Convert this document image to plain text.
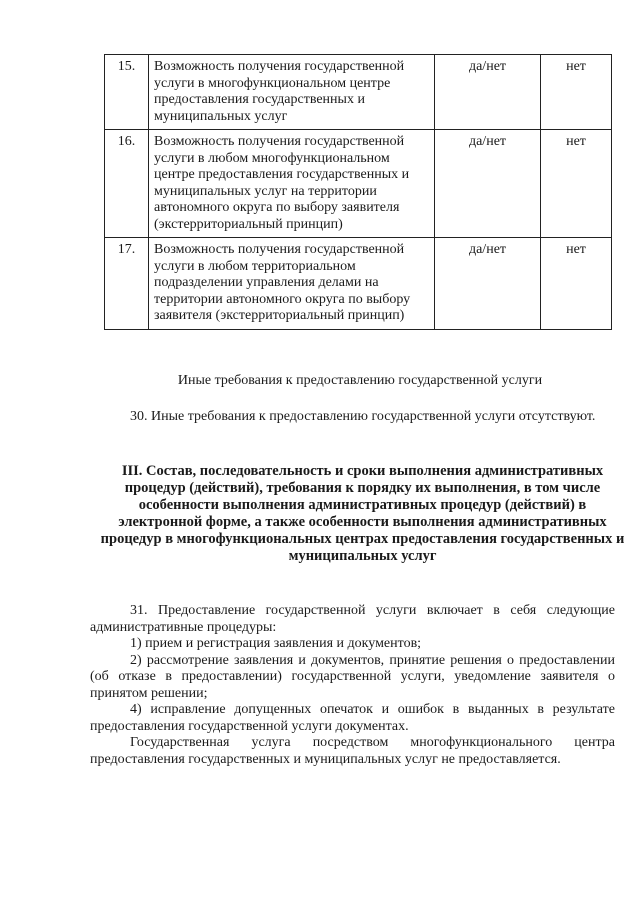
15.	Возможность получения государственной услуги в многофункциональном центре предоставления государственных и муниципальных услуг	да/нет	нет
16.	Возможность получения государственной услуги в любом многофункциональном центре предоставления государственных и муниципальных услуг на территории автономного округа по выбору заявителя (экстерриториальный принцип)	да/нет	нет
17.	Возможность получения государственной услуги в любом территориальном подразделении управления делами на территории автономного округа по выбору заявителя (экстерриториальный принцип)	да/нет	нет
Иные требования к предоставлению государственной услуги
30. Иные требования к предоставлению государственной услуги отсутствуют.
III. Состав, последовательность и сроки выполнения административных процедур (действий), требования к порядку их выполнения, в том числе особенности выполнения административных процедур (действий) в электронной форме, а также особенности выполнения административных процедур в многофункциональных центрах предоставления государственных и муниципальных услуг

31. Предоставление государственной услуги включает в себя следующие административные процедуры:

1) прием и регистрация заявления и документов;

2) рассмотрение заявления и документов, принятие решения о предоставлении (об отказе в предоставлении) государственной услуги, уведомление заявителя о принятом решении;

4) исправление допущенных опечаток и ошибок в выданных в результате предоставления государственной услуги документах.

Государственная услуга посредством многофункционального центра предоставления государственных и муниципальных услуг не предоставляется.
